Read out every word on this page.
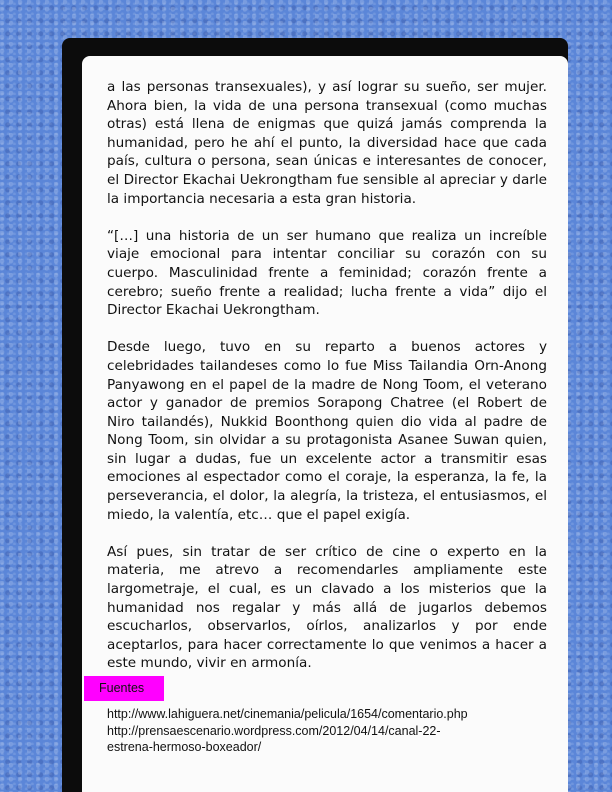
a las personas transexuales), y así lograr su sueño, ser mujer. Ahora bien, la vida de una persona transexual (como muchas otras) está llena de enigmas que quizá jamás comprenda la humanidad, pero he ahí el punto, la diversidad hace que cada país, cultura o persona, sean únicas e interesantes de conocer, el Director Ekachai Uekrongtham fue sensible al apreciar y darle la importancia necesaria a esta gran historia.

“[…] una historia de un ser humano que realiza un increíble viaje emocional para intentar conciliar su corazón con su cuerpo. Masculinidad frente a feminidad; corazón frente a cerebro; sueño frente a realidad; lucha frente a vida” dijo el Director Ekachai Uekrongtham.

Desde luego, tuvo en su reparto a buenos actores y celebridades tailandeses como lo fue Miss Tailandia Orn-Anong Panyawong en el papel de la madre de Nong Toom, el veterano actor y ganador de premios Sorapong Chatree (el Robert de Niro tailandés), Nukkid Boonthong quien dio vida al padre de Nong Toom, sin olvidar a su protagonista Asanee Suwan quien, sin lugar a dudas, fue un excelente actor a transmitir esas emociones al espectador como el coraje, la esperanza, la fe, la perseverancia, el dolor, la alegría, la tristeza, el entusiasmos, el miedo, la valentía, etc… que el papel exigía.

Así pues, sin tratar de ser crítico de cine o experto en la materia, me atrevo a recomendarles ampliamente este largometraje, el cual, es un clavado a los misterios que la humanidad nos regalar y más allá de jugarlos debemos escucharlos, observarlos, oírlos, analizarlos y por ende aceptarlos, para hacer correctamente lo que venimos a hacer a este mundo, vivir en armonía.

Fuentes
http://www.lahiguera.net/cinemania/pelicula/1654/comentario.php
http://prensaescenario.wordpress.com/2012/04/14/canal-22-
estrena-hermoso-boxeador/
